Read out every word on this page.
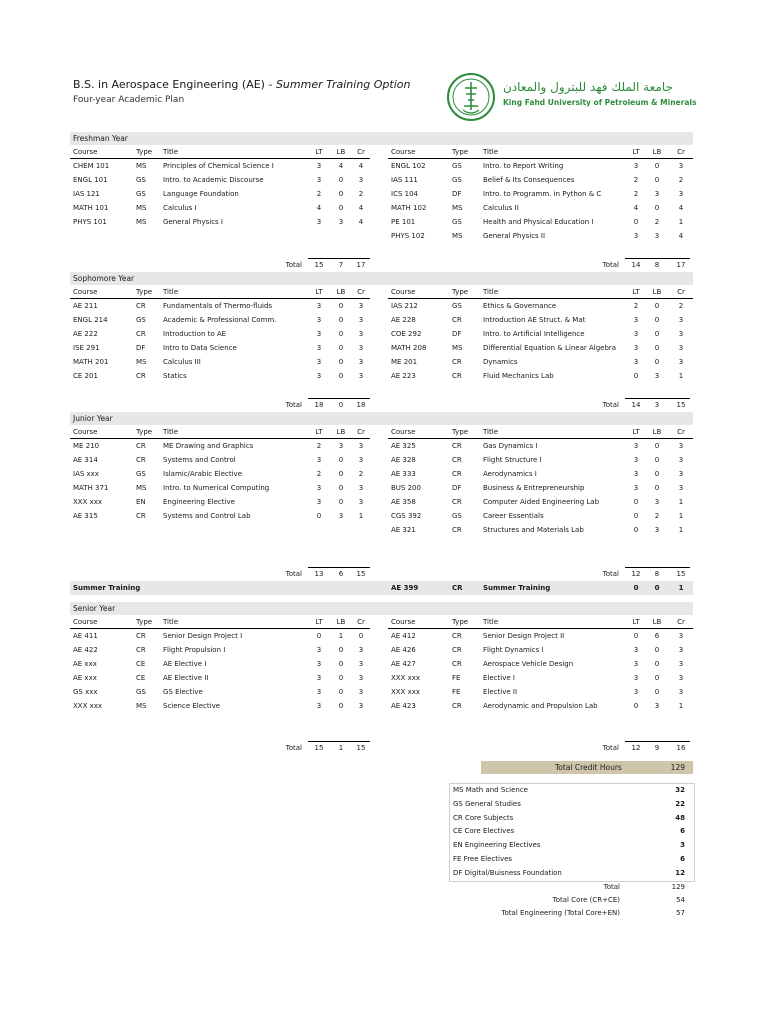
B.S. in Aerospace Engineering (AE) - Summer Training Option
Four-year Academic Plan
جامعة الملك فهد للبترول والمعادن
King Fahd University of Petroleum & Minerals
Freshman Year
Course	Type Title	LT	LB	Cr	Course	Type Title	LT	LB	Cr
CHEM 101	MS Principles of Chemical Science I	3	4	4
ENGL 101	GS Intro. to Academic Discourse	3	0	3
IAS 121	GS Language Foundation	2	0	2
MATH 101	MS Calculus I	4	0	4
PHYS 101	MS General Physics I	3	3	4
Total	15	7	17
ENGL 102	GS	Intro. to Report Writing	3	0	3
IAS 111	GS	Belief & Its Consequences	2	0	2
ICS 104	DF	Intro. to Programm. in Python & C	2	3	3
MATH 102	MS	Calculus II	4	0	4
PE 101	GS	Health and Physical Education I	0	2	1
PHYS 102	MS	General Physics II	3	3	4
Total	14	8	17
Sophomore Year
Course	Type Title	LT	LB	Cr	Course	Type Title	LT	LB	Cr
AE 211	CR Fundamentals of Thermo-fluids	3	0	3
ENGL 214	GS Academic & Professional Comm.	3	0	3
AE 222	CR Introduction to AE	3	0	3
ISE 291	DF	Intro to Data Science	3	0	3
MATH 201	MS Calculus III	3	0	3
CE 201	CR Statics	3	0	3
Total	18	0	18
IAS 212	GS	Ethics & Governance	2	0	2
AE 228	CR	Introduction AE Struct. & Mat	3	0	3
COE 292	DF	Intro. to Artificial Intelligence	3	0	3
MATH 208	MS	Differential Equation & Linear Algebra	3	0	3
ME 201	CR	Dynamics	3	0	3
AE 223	CR	Fluid Mechanics Lab	0	3	1
Total	14	3	15
Junior Year
Course	Type Title	LT	LB	Cr	Course	Type Title	LT	LB	Cr
ME 210	CR ME Drawing and Graphics	2	3	3
AE 314	CR Systems and Control	3	0	3
IAS xxx	GS Islamic/Arabic Elective	2	0	2
MATH 371	MS Intro. to Numerical Computing	3	0	3
XXX xxx	EN Engineering Elective	3	0	3
AE 315	CR Systems and Control Lab	0	3	1
Total	13	6	15
AE 325	CR	Gas Dynamics I	3	0	3
AE 328	CR	Flight Structure I	3	0	3
AE 333	CR	Aerodynamics I	3	0	3
BUS 200	DF	Business & Entrepreneurship	3	0	3
AE 358	CR	Computer Aided Engineering Lab	0	3	1
CGS 392	GS	Career Essentials	0	2	1
AE 321	CR	Structures and Materials Lab	0	3	1
Total	12	8	15
Senior Year
Course	Type Title	LT	LB	Cr	Course	Type Title	LT	LB	Cr
AE 411	CR Senior Design Project I	0	1	0
AE 422	CR Flight Propulsion I	3	0	3
AE xxx	CE	AE Elective I	3	0	3
AE xxx	CE	AE Elective II	3	0	3
GS xxx	GS GS Elective	3	0	3
XXX xxx	MS Science Elective	3	0	3
Total	15	1	15
AE 412	CR	Senior Design Project II	0	6	3
AE 426	CR	Flight Dynamics I	3	0	3
AE 427	CR	Aerospace Vehicle Design	3	0	3
XXX xxx	FE	Elective I	3	0	3
XXX xxx	FE	Elective II	3	0	3
AE 423	CR	Aerodynamic and Propulsion Lab	0	3	1
Total	12	9	16
Summer Training	AE 399	CR	Summer Training	0	0	1
Total Credit Hours	129
MS Math and Science	32
GS General Studies	22
CR Core Subjects	48
CE Core Electives	6
EN Engineering Electives	3
FE Free Electives	6
DF Digital/Buisness Foundation	12
Total	129
Total Core (CR+CE)	54
Total Engineering (Total Core+EN)	57
